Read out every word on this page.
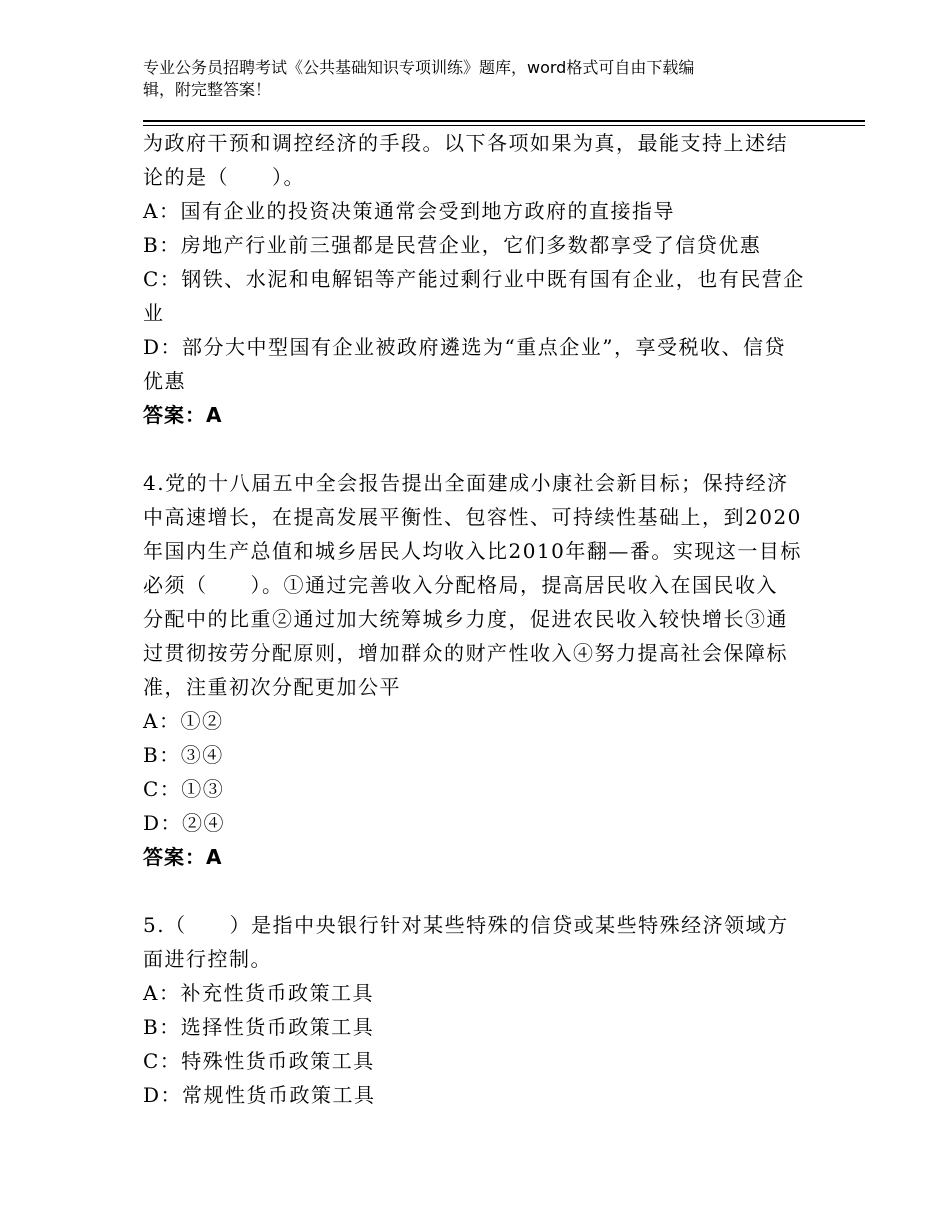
专业公务员招聘考试《公共基础知识专项训练》题库，word格式可自由下载编
辑，附完整答案！

为政府干预和调控经济的手段。以下各项如果为真，最能支持上述结

论的是（　　）。

A：国有企业的投资决策通常会受到地方政府的直接指导

B：房地产行业前三强都是民营企业，它们多数都享受了信贷优惠

C：钢铁、水泥和电解铝等产能过剩行业中既有国有企业，也有民营企

业

D：部分大中型国有企业被政府遴选为“重点企业”，享受税收、信贷

优惠

答案：A

4.党的十八届五中全会报告提出全面建成小康社会新目标；保持经济

中高速增长，在提高发展平衡性、包容性、可持续性基础上，到2020

年国内生产总值和城乡居民人均收入比2010年翻—番。实现这一目标

必须（　　）。①通过完善收入分配格局，提高居民收入在国民收入

分配中的比重②通过加大统筹城乡力度，促进农民收入较快增长③通

过贯彻按劳分配原则，增加群众的财产性收入④努力提高社会保障标

准，注重初次分配更加公平

A：①②

B：③④

C：①③

D：②④

答案：A

5.（　　）是指中央银行针对某些特殊的信贷或某些特殊经济领域方

面进行控制。

A：补充性货币政策工具

B：选择性货币政策工具

C：特殊性货币政策工具

D：常规性货币政策工具
